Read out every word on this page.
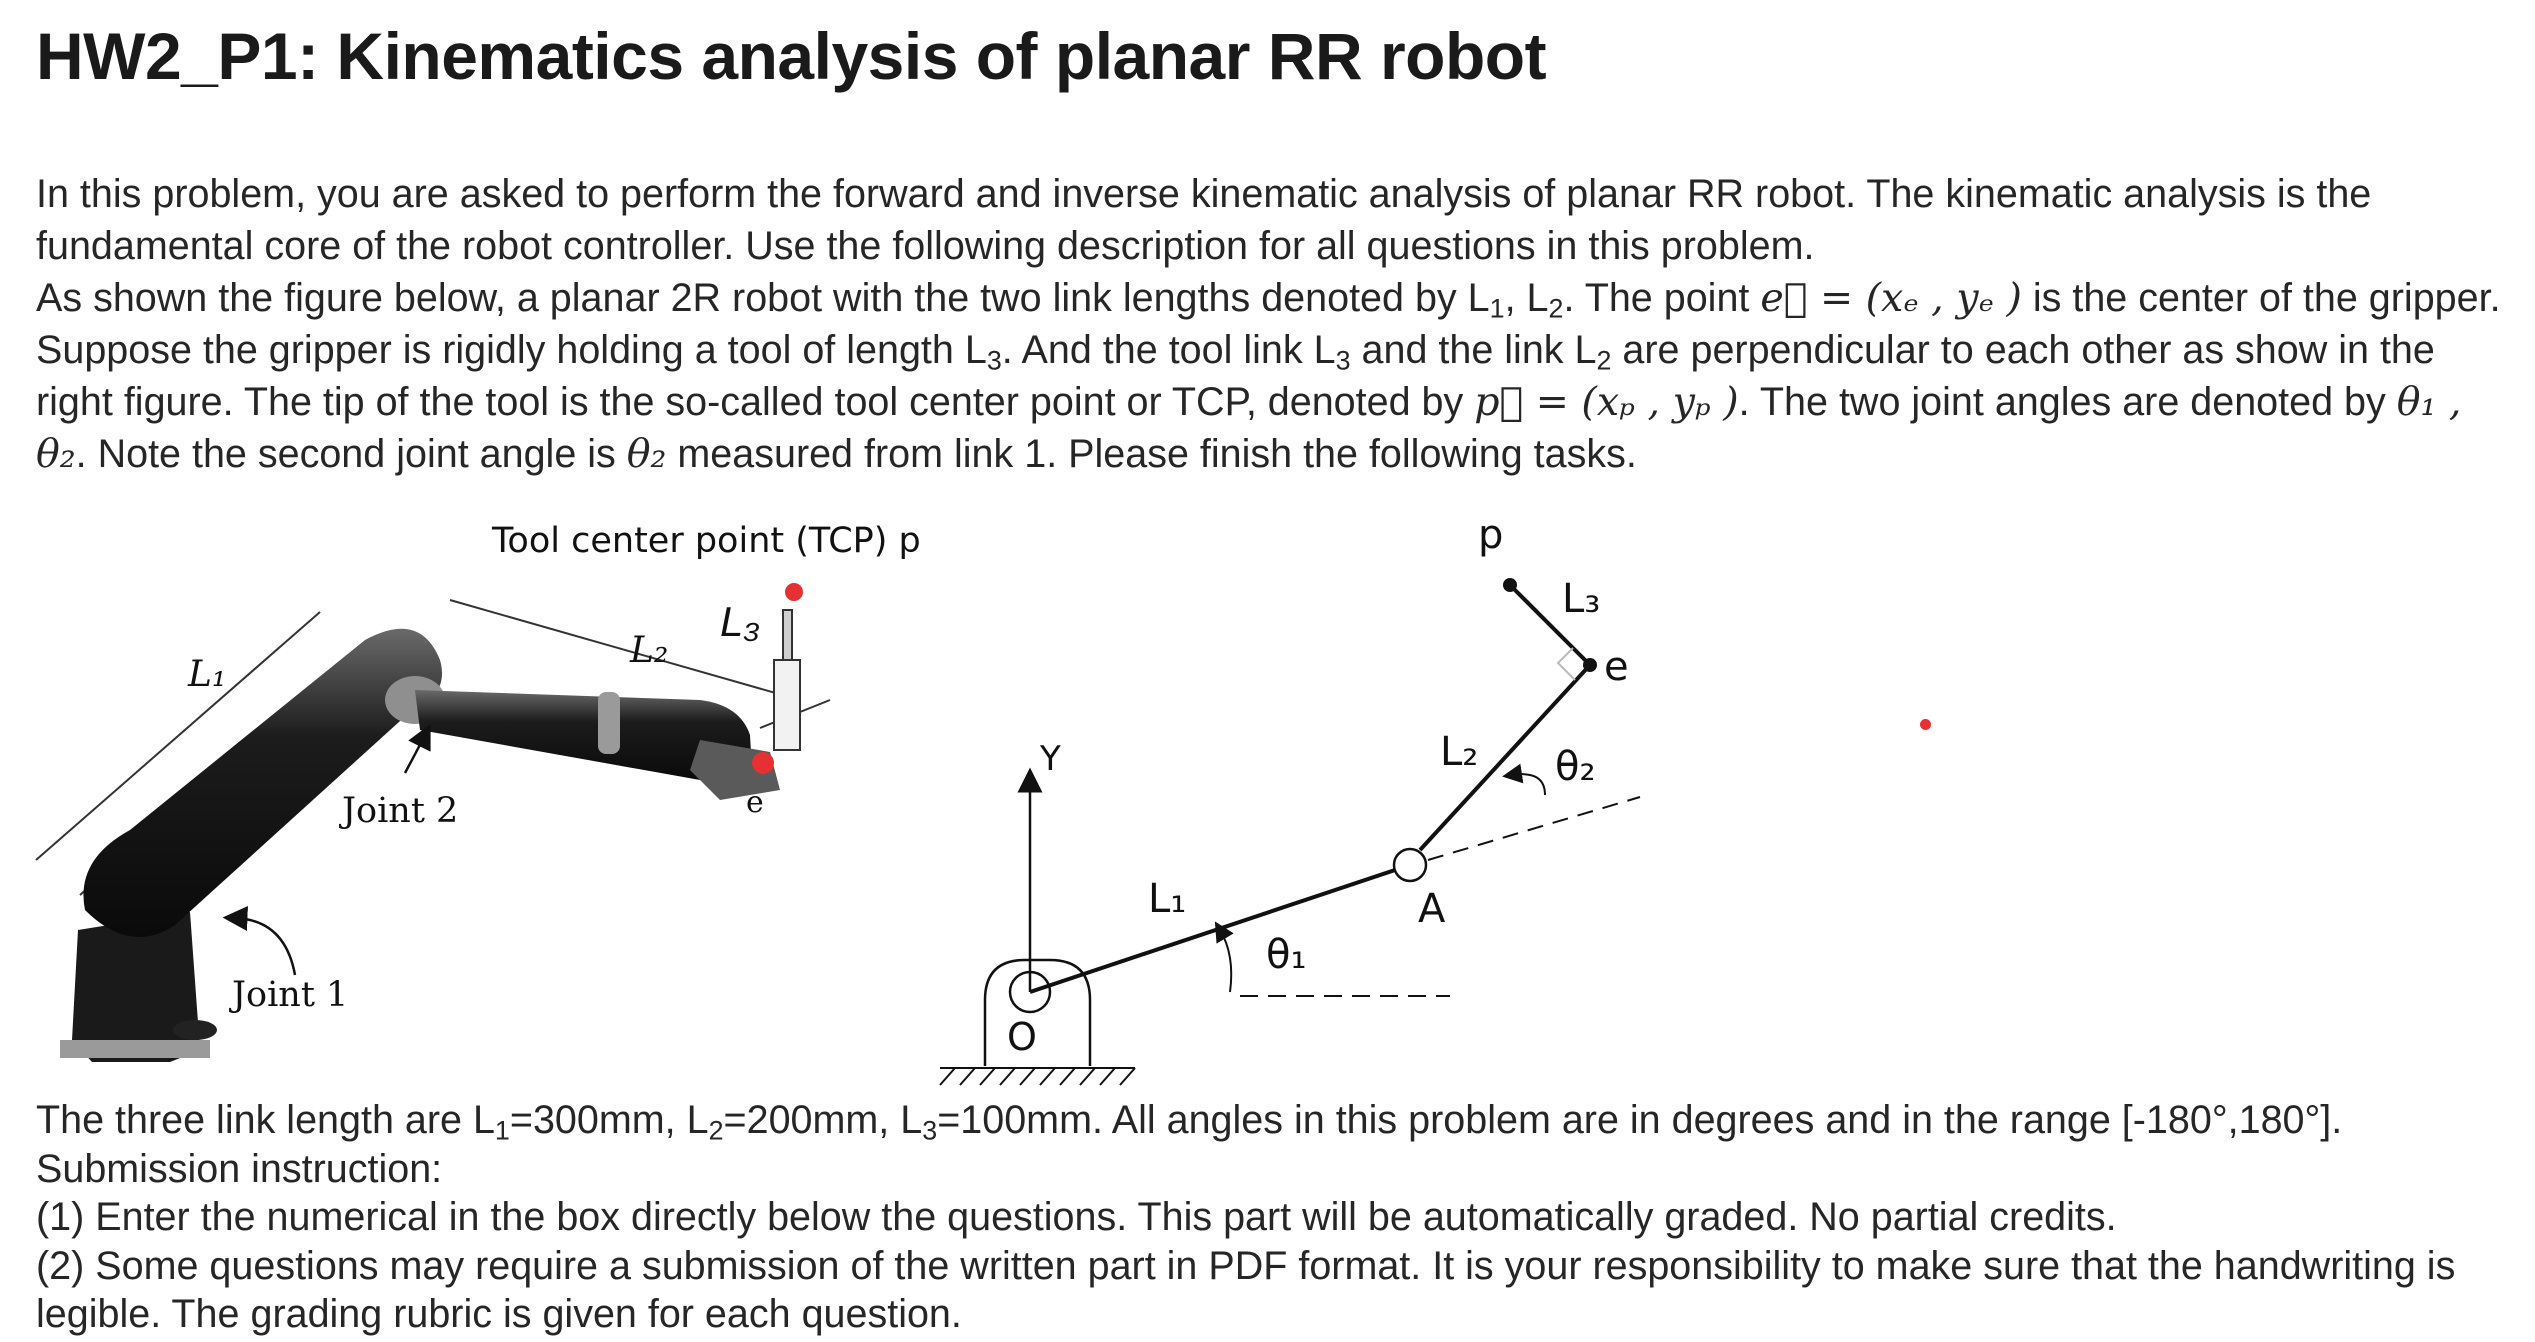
HW2_P1: Kinematics analysis of planar RR robot

In this problem, you are asked to perform the forward and inverse kinematic analysis of planar RR robot. The kinematic analysis is the fundamental core of the robot controller. Use the following description for all questions in this problem.

As shown the figure below, a planar 2R robot with the two link lengths denoted by $L_1$, $L_2$. The point e⃗ = (xₑ , yₑ ) is the center of the gripper. Suppose the gripper is rigidly holding a tool of length $L_3$. And the tool link $L_3$ and the link $L_2$ are perpendicular to each other as show in the right figure. The tip of the tool is the so-called tool center point or TCP, denoted by p⃗ = (xₚ , yₚ ). The two joint angles are denoted by θ₁ , θ₂. Note the second joint angle is θ₂ measured from link 1. Please finish the following tasks.

L₁
L₂
L₃
Tool center point (TCP) p
Joint 2
Joint 1
e
p
L₃
e
L₂ θ₂
Y
L₁	A
θ₁
O

The three link length are $L_1=300mm$, $L_2=200mm$, $L_3=100mm$. All angles in this problem are in degrees and in the range [-180°,180°].

Submission instruction:

(1) Enter the numerical in the box directly below the questions. This part will be automatically graded. No partial credits.

(2) Some questions may require a submission of the written part in PDF format. It is your responsibility to make sure that the handwriting is legible. The grading rubric is given for each question.
